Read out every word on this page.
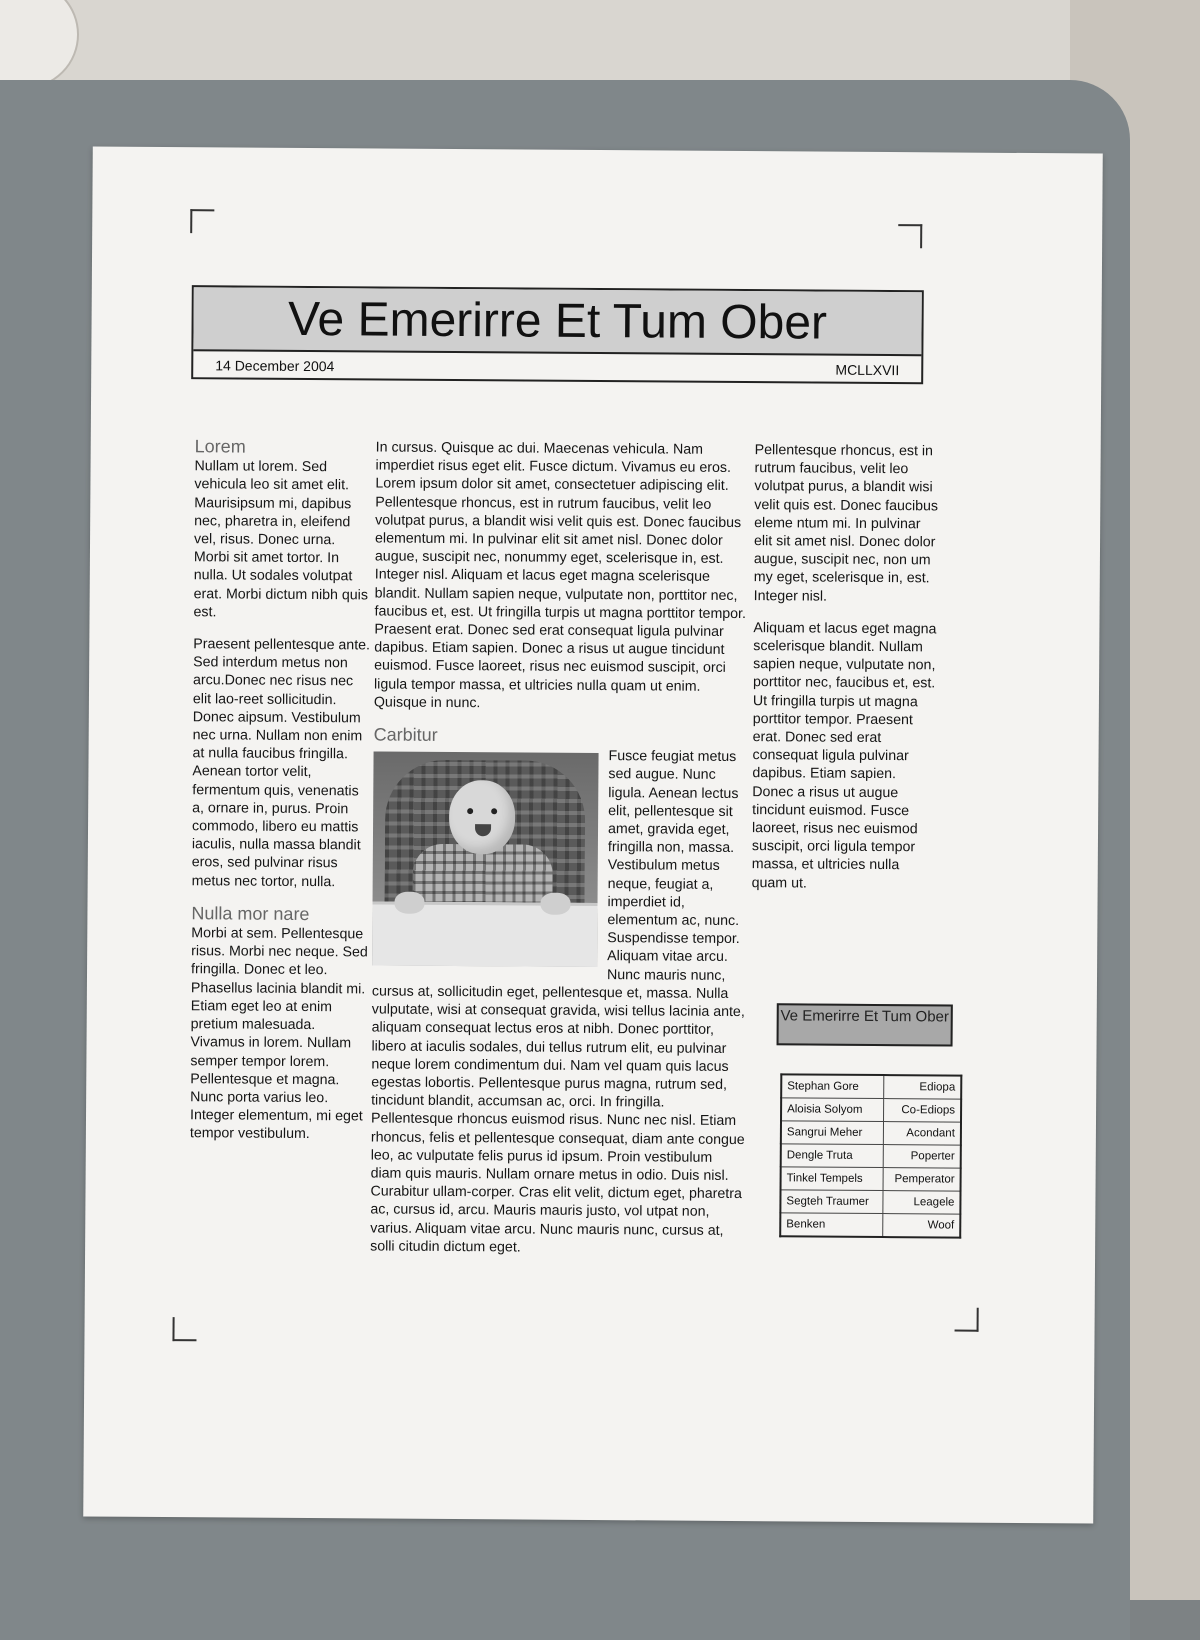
Ve Emerirre Et Tum Ober
14 December 2004	MCLLXVII
Lorem

Nullam ut lorem. Sed vehicula leo sit amet elit. Maurisipsum mi, dapibus nec, pharetra in, eleifend vel, risus. Donec urna. Morbi sit amet tortor. In nulla. Ut sodales volutpat erat. Morbi dictum nibh quis est.

Praesent pellentesque ante. Sed interdum metus non arcu.Donec nec risus nec elit lao-reet sollicitudin. Donec aipsum. Vestibulum nec urna. Nullam non enim at nulla faucibus fringilla. Aenean tortor velit, fermentum quis, venenatis a, ornare in, purus. Proin commodo, libero eu mattis iaculis, nulla massa blandit eros, sed pulvinar risus metus nec tortor, nulla.

Nulla mor nare

Morbi at sem. Pellentesque risus. Morbi nec neque. Sed fringilla. Donec et leo. Phasellus lacinia blandit mi. Etiam eget leo at enim pretium malesuada. Vivamus in lorem. Nullam semper tempor lorem. Pellentesque et magna. Nunc porta varius leo. Integer elementum, mi eget tempor vestibulum.

In cursus. Quisque ac dui. Maecenas vehicula. Nam imperdiet risus eget elit. Fusce dictum. Vivamus eu eros. Lorem ipsum dolor sit amet, consectetuer adipiscing elit. Pellentesque rhoncus, est in rutrum faucibus, velit leo volutpat purus, a blandit wisi velit quis est. Donec faucibus elementum mi. In pulvinar elit sit amet nisl. Donec dolor augue, suscipit nec, nonummy eget, scelerisque in, est. Integer nisl. Aliquam et lacus eget magna scelerisque blandit. Nullam sapien neque, vulputate non, porttitor nec, faucibus et, est. Ut fringilla turpis ut magna porttitor tempor. Praesent erat. Donec sed erat consequat ligula pulvinar dapibus. Etiam sapien. Donec a risus ut augue tincidunt euismod. Fusce laoreet, risus nec euismod suscipit, orci ligula tempor massa, et ultricies nulla quam ut enim. Quisque in nunc.

Carbitur

Fusce feugiat metus sed augue. Nunc ligula. Aenean lectus elit, pellentesque sit amet, gravida eget, fringilla non, massa. Vestibulum metus neque, feugiat a, imperdiet id, elementum ac, nunc. Suspendisse tempor. Aliquam vitae arcu. Nunc mauris nunc, cursus at, sollicitudin eget, pellentesque et, massa. Nulla vulputate, wisi at consequat gravida, wisi tellus lacinia ante, aliquam consequat lectus eros at nibh. Donec porttitor, libero at iaculis sodales, dui tellus rutrum elit, eu pulvinar neque lorem condimentum dui. Nam vel quam quis lacus egestas lobortis. Pellentesque purus magna, rutrum sed, tincidunt blandit, accumsan ac, orci. In fringilla. Pellentesque rhoncus euismod risus. Nunc nec nisl. Etiam rhoncus, felis et pellentesque consequat, diam ante congue leo, ac vulputate felis purus id ipsum. Proin vestibulum diam quis mauris. Nullam ornare metus in odio. Duis nisl. Curabitur ullam-corper. Cras elit velit, dictum eget, pharetra ac, cursus id, arcu. Mauris mauris justo, vol utpat non, varius. Aliquam vitae arcu. Nunc mauris nunc, cursus at, solli citudin dictum eget.

Pellentesque rhoncus, est in rutrum faucibus, velit leo volutpat purus, a blandit wisi velit quis est. Donec faucibus eleme ntum mi. In pulvinar elit sit amet nisl. Donec dolor augue, suscipit nec, non um my eget, scelerisque in, est. Integer nisl.

Aliquam et lacus eget magna scelerisque blandit. Nullam sapien neque, vulputate non, porttitor nec, faucibus et, est. Ut fringilla turpis ut magna porttitor tempor. Praesent erat. Donec sed erat consequat ligula pulvinar dapibus. Etiam sapien. Donec a risus ut augue tincidunt euismod. Fusce laoreet, risus nec euismod suscipit, orci ligula tempor massa, et ultricies nulla quam ut.

Ve Emerirre Et Tum Ober
Stephan Gore	Ediopa
Aloisia Solyom	Co-Ediops
Sangrui Meher	Acondant
Dengle Truta	Poperter
Tinkel Tempels	Pemperator
Segteh Traumer	Leagele
Benken	Woof
